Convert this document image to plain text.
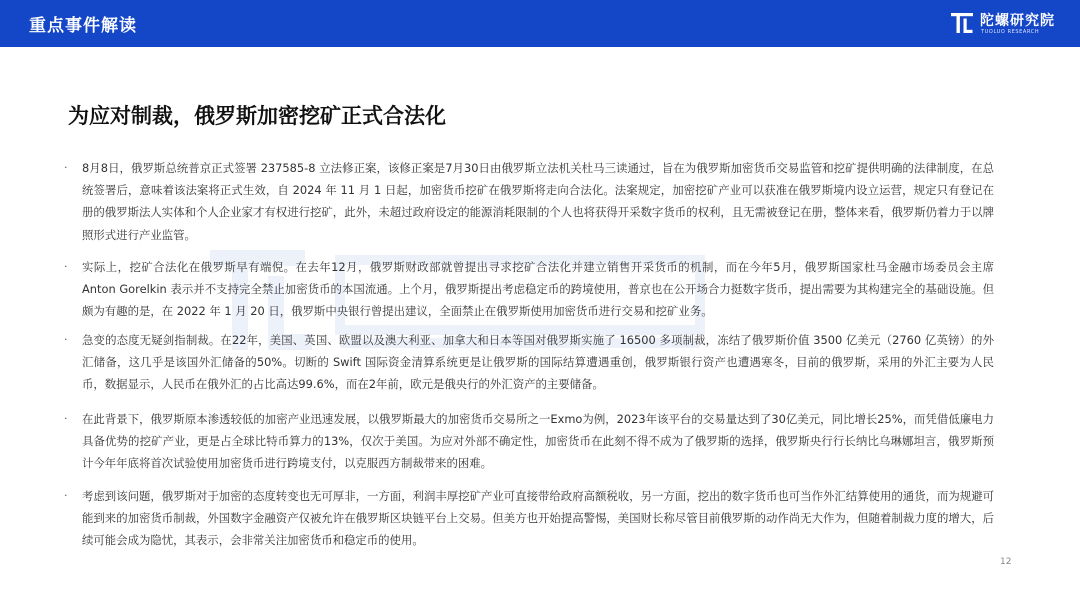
重点事件解读	陀螺研究院
TUOLUO RESEARCH
为应对制裁，俄罗斯加密挖矿正式合法化
·	8月8日，俄罗斯总统普京正式签署 237585-8 立法修正案，该修正案是7月30日由俄罗斯立法机关杜马三读通过，旨在为俄罗斯加密货币交易监管和挖矿提供明确的法律制度，在总统签署后，意味着该法案将正式生效，自 2024 年 11 月 1 日起，加密货币挖矿在俄罗斯将走向合法化。法案规定，加密挖矿产业可以获准在俄罗斯境内设立运营，规定只有登记在册的俄罗斯法人实体和个人企业家才有权进行挖矿，此外，未超过政府设定的能源消耗限制的个人也将获得开采数字货币的权利，且无需被登记在册，整体来看，俄罗斯仍着力于以牌照形式进行产业监管。
·	实际上，挖矿合法化在俄罗斯早有端倪。在去年12月，俄罗斯财政部就曾提出寻求挖矿合法化并建立销售开采货币的机制，而在今年5月，俄罗斯国家杜马金融市场委员会主席 Anton Gorelkin 表示并不支持完全禁止加密货币的本国流通。上个月，俄罗斯提出考虑稳定币的跨境使用，普京也在公开场合力挺数字货币，提出需要为其构建完全的基础设施。但颇为有趣的是，在 2022 年 1 月 20 日，俄罗斯中央银行曾提出建议，全面禁止在俄罗斯使用加密货币进行交易和挖矿业务。
·	急变的态度无疑剑指制裁。在22年，美国、英国、欧盟以及澳大利亚、加拿大和日本等国对俄罗斯实施了 16500 多项制裁，冻结了俄罗斯价值 3500 亿美元（2760 亿英镑）的外汇储备，这几乎是该国外汇储备的50%。切断的 Swift 国际资金清算系统更是让俄罗斯的国际结算遭遇重创，俄罗斯银行资产也遭遇寒冬，目前的俄罗斯，采用的外汇主要为人民币，数据显示，人民币在俄外汇的占比高达99.6%，而在2年前，欧元是俄央行的外汇资产的主要储备。
·	在此背景下，俄罗斯原本渗透较低的加密产业迅速发展，以俄罗斯最大的加密货币交易所之一Exmo为例，2023年该平台的交易量达到了30亿美元，同比增长25%，而凭借低廉电力具备优势的挖矿产业，更是占全球比特币算力的13%，仅次于美国。为应对外部不确定性，加密货币在此刻不得不成为了俄罗斯的选择，俄罗斯央行行长纳比乌琳娜坦言，俄罗斯预计今年年底将首次试验使用加密货币进行跨境支付，以克服西方制裁带来的困难。
·	考虑到该问题，俄罗斯对于加密的态度转变也无可厚非，一方面，利润丰厚挖矿产业可直接带给政府高额税收，另一方面，挖出的数字货币也可当作外汇结算使用的通货，而为规避可能到来的加密货币制裁，外国数字金融资产仅被允许在俄罗斯区块链平台上交易。但美方也开始提高警惕，美国财长称尽管目前俄罗斯的动作尚无大作为，但随着制裁力度的增大，后续可能会成为隐忧，其表示，会非常关注加密货币和稳定币的使用。
12
